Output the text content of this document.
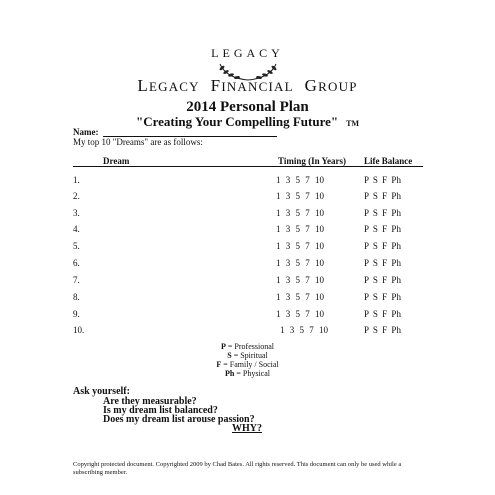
LEGACY
LEGACY FINANCIAL GROUP
2014 Personal Plan
"Creating Your Compelling Future" TM
Name:
My top 10 "Dreams" are as follows:
Dream	Timing (In Years) Life Balance
1.	1 3 5 7 10	P S F Ph
2.	1 3 5 7 10	P S F Ph
3.	1 3 5 7 10	P S F Ph
4.	1 3 5 7 10	P S F Ph
5.	1 3 5 7 10	P S F Ph
6.	1 3 5 7 10	P S F Ph
7.	1 3 5 7 10	P S F Ph
8.	1 3 5 7 10	P S F Ph
9.	1 3 5 7 10	P S F Ph
10.	1 3 5 7 10	P S F Ph
P = Professional
S = Spiritual
F = Family / Social
Ph = Physical
Ask yourself:
Are they measurable?
Is my dream list balanced?
Does my dream list arouse passion?
WHY?
Copyright protected document. Copyrighted 2009 by Chad Bates. All rights reserved. This document can only be used while a subscribing member.
